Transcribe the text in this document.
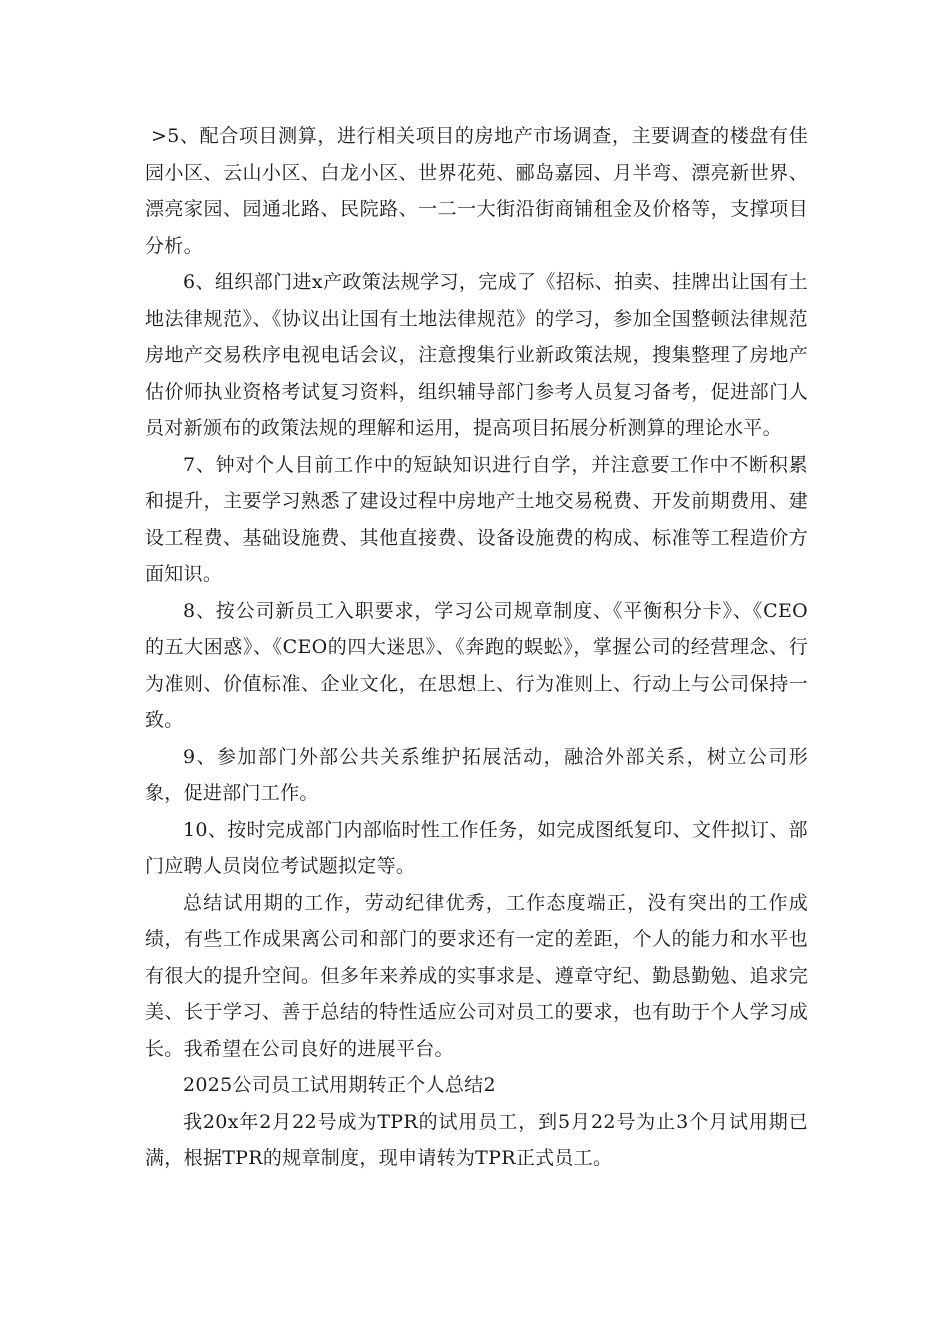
>5、配合项目测算，进行相关项目的房地产市场调查，主要调查的楼盘有佳园小区、云山小区、白龙小区、世界花苑、郦岛嘉园、月半弯、漂亮新世界、漂亮家园、园通北路、民院路、一二一大街沿街商铺租金及价格等，支撑项目分析。

6、组织部门进x产政策法规学习，完成了《招标、拍卖、挂牌出让国有土地法律规范》、《协议出让国有土地法律规范》的学习，参加全国整顿法律规范房地产交易秩序电视电话会议，注意搜集行业新政策法规，搜集整理了房地产估价师执业资格考试复习资料，组织辅导部门参考人员复习备考，促进部门人员对新颁布的政策法规的理解和运用，提高项目拓展分析测算的理论水平。

7、钟对个人目前工作中的短缺知识进行自学，并注意要工作中不断积累和提升，主要学习熟悉了建设过程中房地产土地交易税费、开发前期费用、建设工程费、基础设施费、其他直接费、设备设施费的构成、标准等工程造价方面知识。

8、按公司新员工入职要求，学习公司规章制度、《平衡积分卡》、《CEO的五大困惑》、《CEO的四大迷思》、《奔跑的蜈蚣》，掌握公司的经营理念、行为准则、价值标准、企业文化，在思想上、行为准则上、行动上与公司保持一致。

9、参加部门外部公共关系维护拓展活动，融洽外部关系，树立公司形象，促进部门工作。

10、按时完成部门内部临时性工作任务，如完成图纸复印、文件拟订、部门应聘人员岗位考试题拟定等。

总结试用期的工作，劳动纪律优秀，工作态度端正，没有突出的工作成绩，有些工作成果离公司和部门的要求还有一定的差距，个人的能力和水平也有很大的提升空间。但多年来养成的实事求是、遵章守纪、勤恳勤勉、追求完美、长于学习、善于总结的特性适应公司对员工的要求，也有助于个人学习成长。我希望在公司良好的进展平台。

2025公司员工试用期转正个人总结2

我20x年2月22号成为TPR的试用员工，到5月22号为止3个月试用期已满，根据TPR的规章制度，现申请转为TPR正式员工。
